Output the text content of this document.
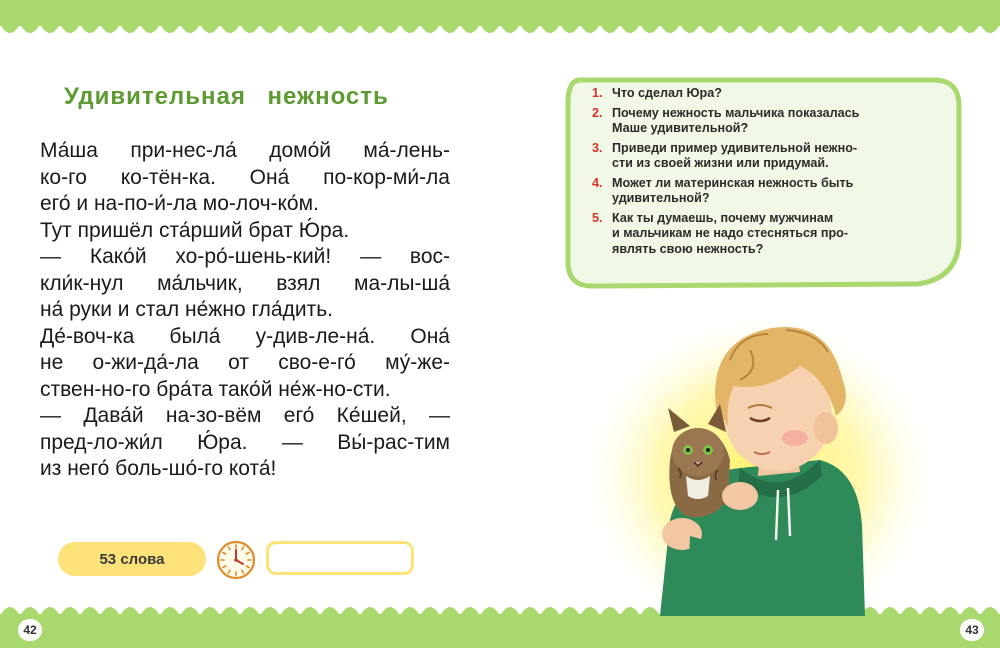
42	43
Удивительная нежность
Ма́ша при-нес-ла́ домо́й ма́-лень-
ко-го ко-тён-ка. Она́ по-кор-ми́-ла
его́ и на-по-и́-ла мо-лоч-ко́м.
Тут пришёл ста́рший брат Ю́ра.
— Како́й хо-ро́-шень-кий! — вос-
кли́к-нул ма́льчик, взял ма-лы-ша́
на́ руки и стал не́жно гла́дить.
Де́-воч-ка была́ у-див-ле-на́. Она́
не о-жи-да́-ла от сво-е-го́ му́-же-
ствен-но-го бра́та тако́й не́ж-но-сти.
— Дава́й на-зо-вём его́ Ке́шей, —
пред-ло-жи́л Ю́ра. — Вы́-рас-тим
из него́ боль-шо́-го кота́!
53 слова
1. Что сделал Юра?
2. Почему нежность мальчика показалась
Маше удивительной?
3. Приведи пример удивительной нежно-
сти из своей жизни или придумай.
4. Может ли материнская нежность быть
удивительной?
5. Как ты думаешь, почему мужчинам
и мальчикам не надо стесняться про-
являть свою нежность?
